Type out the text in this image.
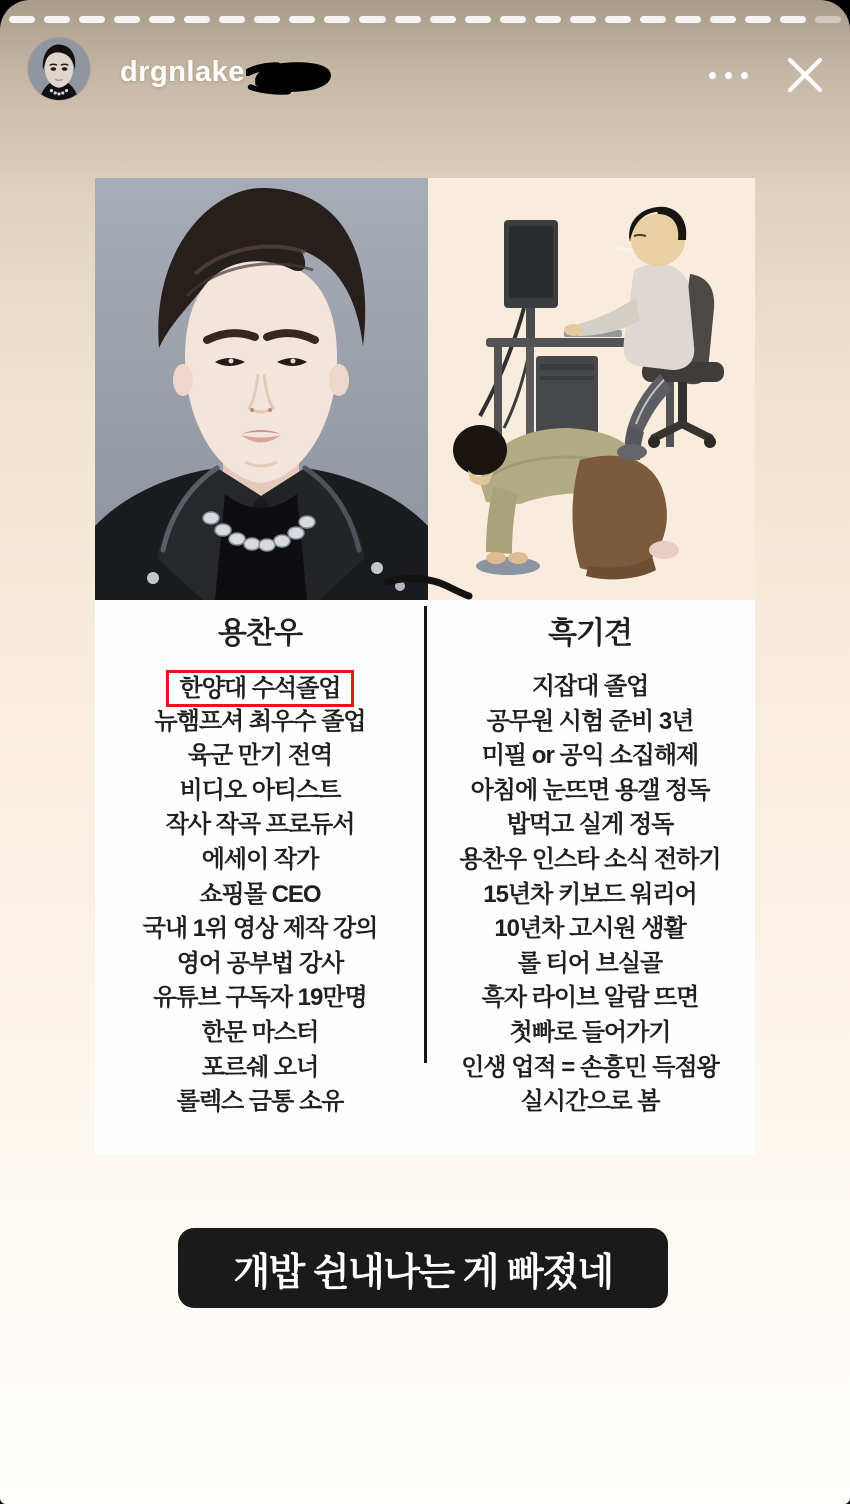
drgnlake
용찬우
한양대 수석졸업
뉴햄프셔 최우수 졸업
육군 만기 전역
비디오 아티스트
작사 작곡 프로듀서
에세이 작가
쇼핑몰 CEO
국내 1위 영상 제작 강의
영어 공부법 강사
유튜브 구독자 19만명
한문 마스터
포르쉐 오너
롤렉스 금통 소유
흑기견
지잡대 졸업
공무원 시험 준비 3년
미필 or 공익 소집해제
아침에 눈뜨면 용갤 정독
밥먹고 실게 정독
용찬우 인스타 소식 전하기
15년차 키보드 워리어
10년차 고시원 생활
롤 티어 브실골
흑자 라이브 알람 뜨면
첫빠로 들어가기
인생 업적 = 손흥민 득점왕
실시간으로 봄
개밥 쉰내나는 게 빠졌네
